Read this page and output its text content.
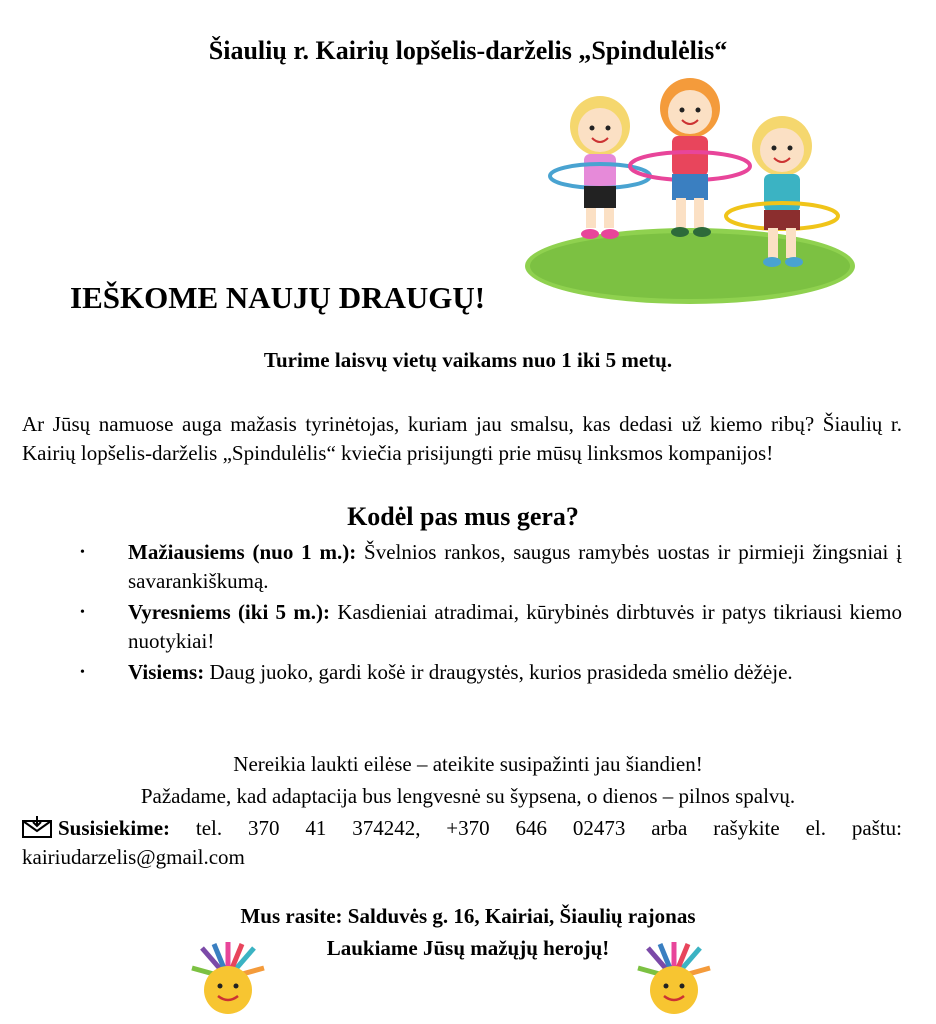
Šiaulių r. Kairių lopšelis-darželis „Spindulėlis“
IEŠKOME NAUJŲ DRAUGŲ!
Turime laisvų vietų vaikams nuo 1 iki 5 metų.
Ar Jūsų namuose auga mažasis tyrinėtojas, kuriam jau smalsu, kas dedasi už kiemo ribų? Šiaulių r. Kairių lopšelis-darželis „Spindulėlis“ kviečia prisijungti prie mūsų linksmos kompanijos!
Kodėl pas mus gera?
• Mažiausiems (nuo 1 m.): Švelnios rankos, saugus ramybės uostas ir pirmieji žingsniai į savarankiškumą.
• Vyresniems (iki 5 m.): Kasdieniai atradimai, kūrybinės dirbtuvės ir patys tikriausi kiemo nuotykiai!
• Visiems: Daug juoko, gardi košė ir draugystės, kurios prasideda smėlio dėžėje.
Nereikia laukti eilėse – ateikite susipažinti jau šiandien!
Pažadame, kad adaptacija bus lengvesnė su šypsena, o dienos – pilnos spalvų.
Susisiekime: tel. 370 41 374242, +370 646 02473 arba rašykite el. paštu: kairiudarzelis@gmail.com
Mus rasite: Salduvės g. 16, Kairiai, Šiaulių rajonas
Laukiame Jūsų mažųjų herojų!
